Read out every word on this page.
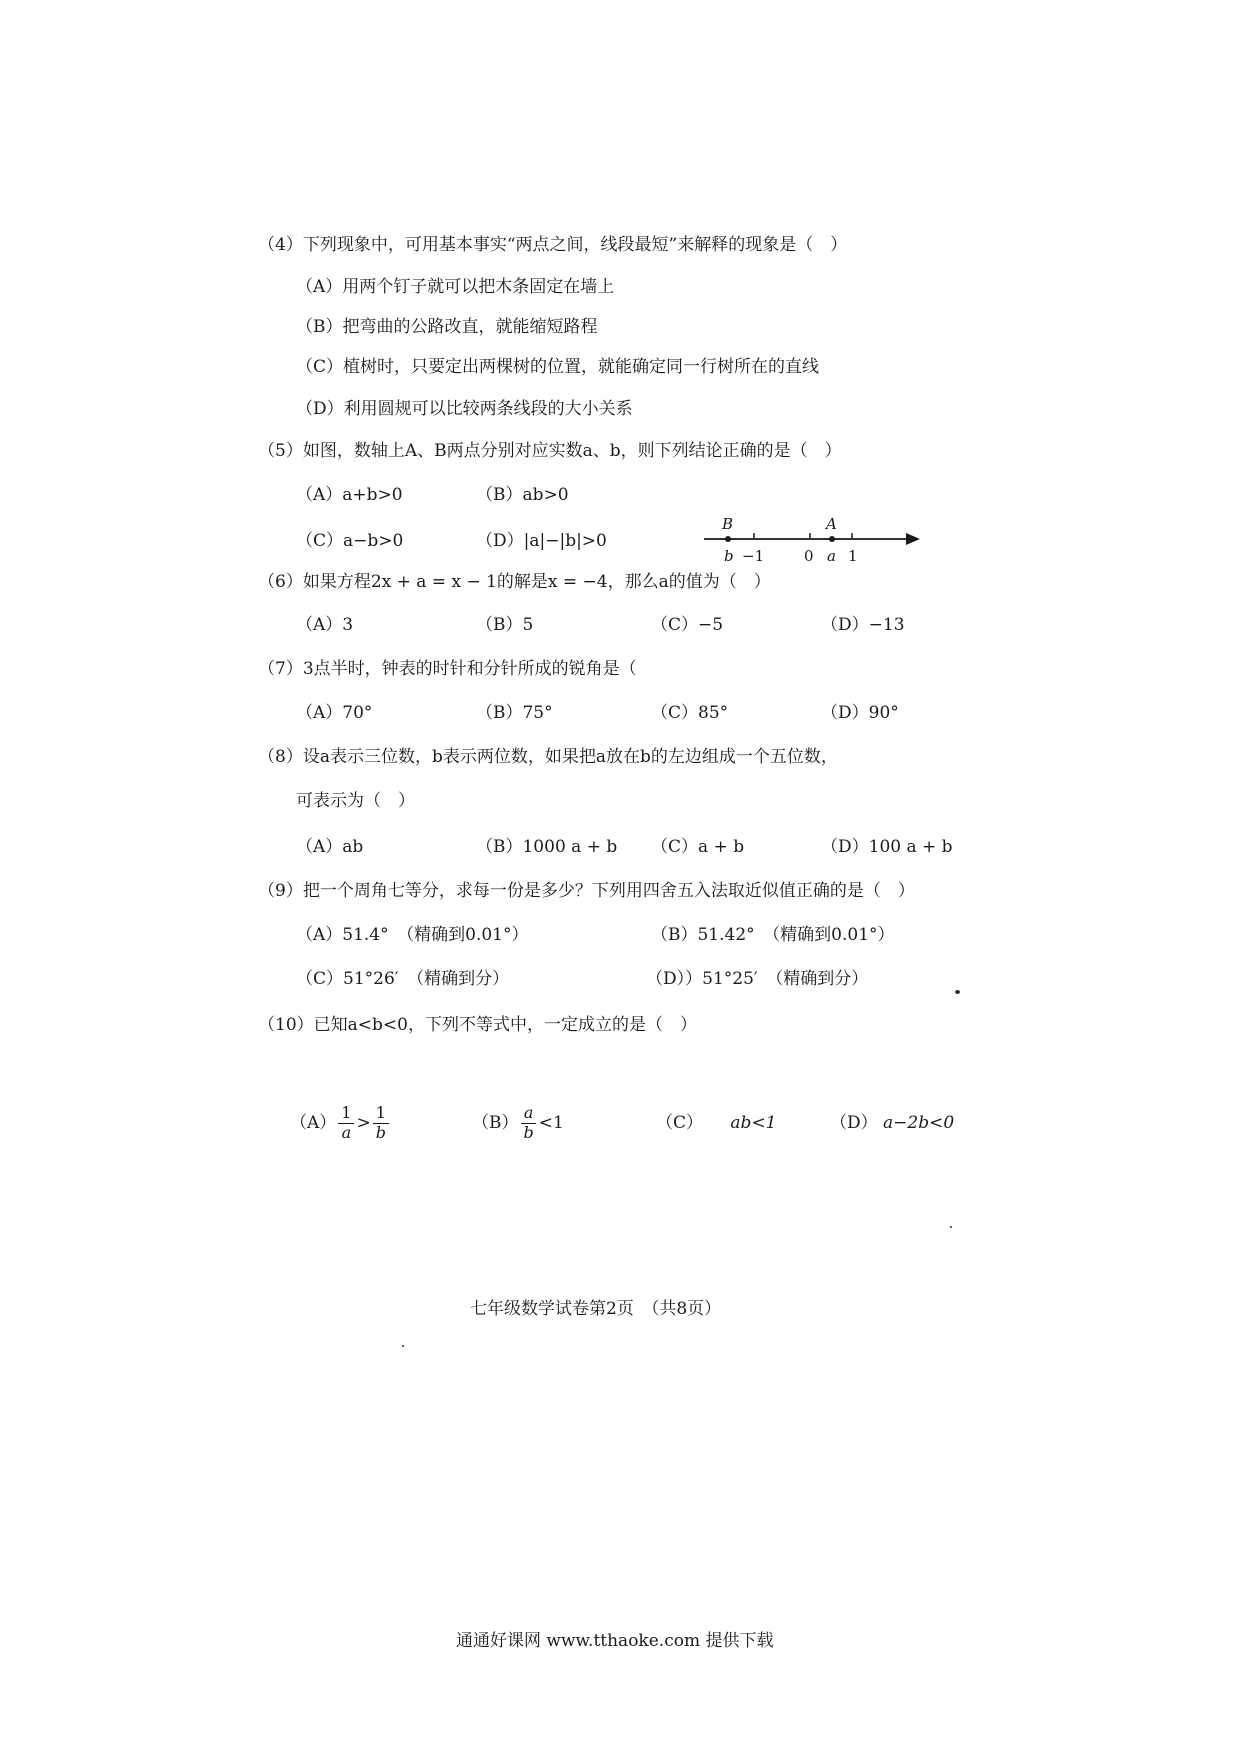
（4）下列现象中，可用基本事实“两点之间，线段最短”来解释的现象是（　）
（A）用两个钉子就可以把木条固定在墙上
（B）把弯曲的公路改直，就能缩短路程
（C）植树时，只要定出两棵树的位置，就能确定同一行树所在的直线
（D）利用圆规可以比较两条线段的大小关系
（5）如图，数轴上A、B两点分别对应实数a、b，则下列结论正确的是（　）
（A）a+b>0	（B）ab>0
（C）a−b>0	（D）|a|−|b|>0
B	A
b −1	0 a 1
（6）如果方程2x + a = x − 1的解是x = −4，那么a的值为（　）
（A）3	（B）5	（C）−5	（D）−13
（7）3点半时，钟表的时针和分针所成的锐角是（
（A）70°	（B）75°	（C）85°	（D）90°
（8）设a表示三位数，b表示两位数，如果把a放在b的左边组成一个五位数，
可表示为（　）
（A）ab	（B）1000 a + b （C）a + b	（D）100 a + b
（9）把一个周角七等分，求每一份是多少？下列用四舍五入法取近似值正确的是（　）
（A）51.4°　（精确到0.01°）	（B）51.42°　（精确到0.01°）
（C）51°26′　（精确到分）	（D））51°25′　（精确到分）
（10）已知a<b<0，下列不等式中，一定成立的是（　）
$(A) \frac{1}{a} > \frac{1}{b}$	$(B) \frac{a}{b} <1$	（C） ab<1	（D） a−2b<0
七年级数学试卷第2页　（共8页）
通通好课网 www.tthaoke.com 提供下载
